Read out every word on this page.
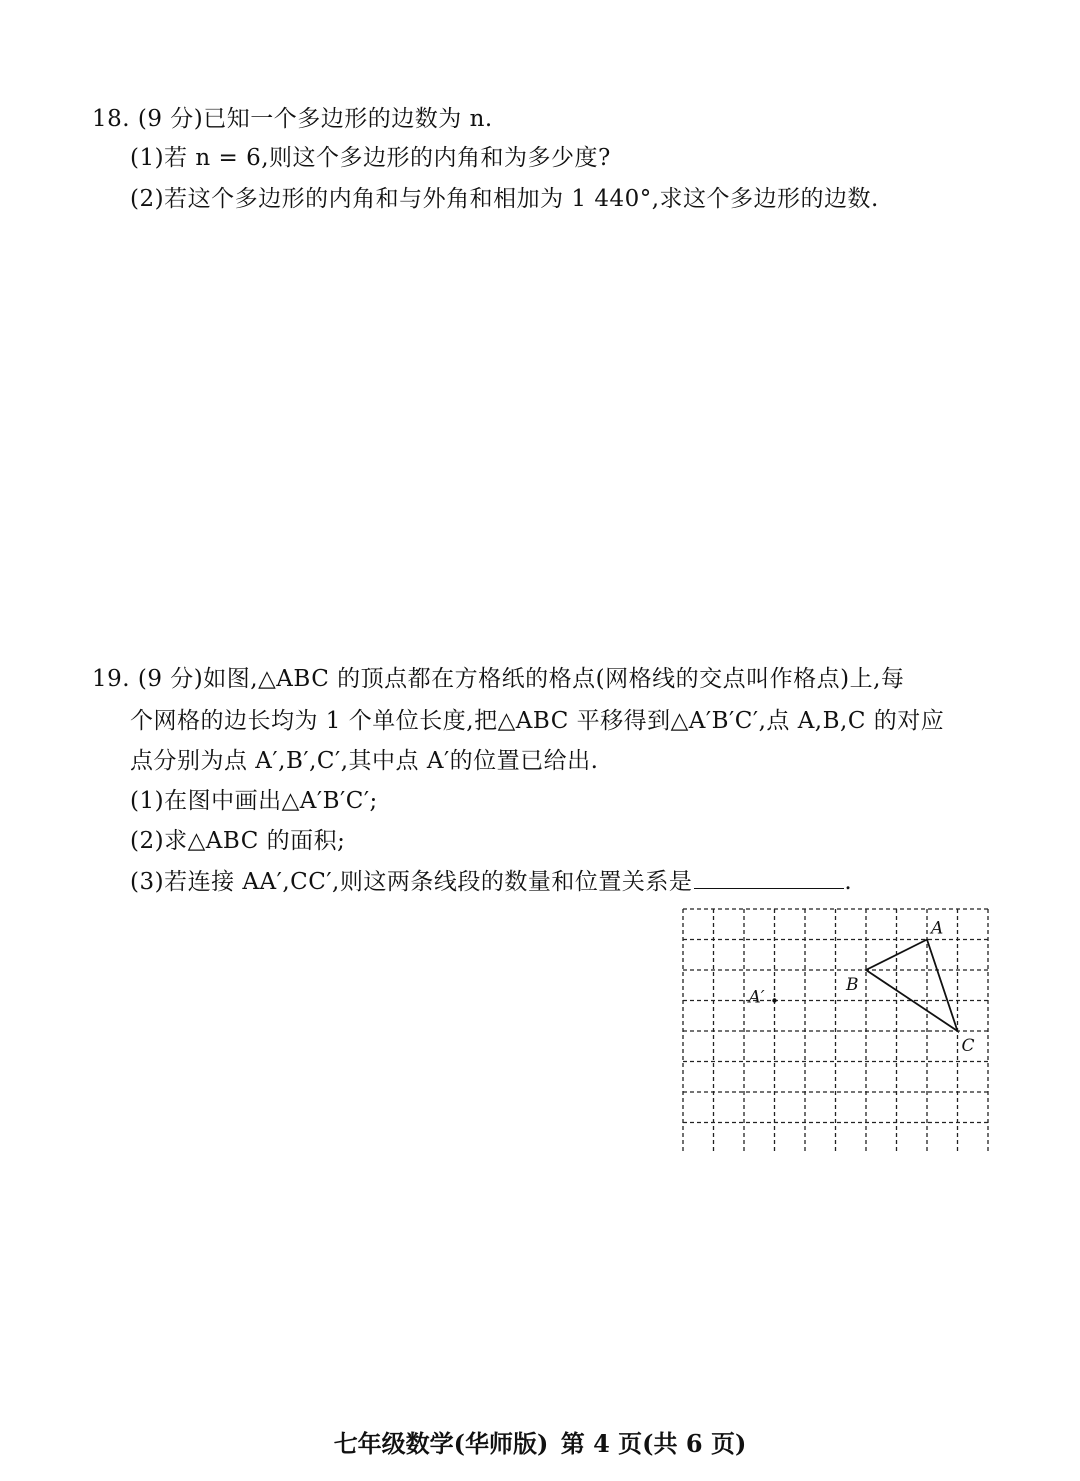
18. (9 分)已知一个多边形的边数为 n.
(1)若 n = 6,则这个多边形的内角和为多少度?
(2)若这个多边形的内角和与外角和相加为 1 440°,求这个多边形的边数.
19. (9 分)如图,△ABC 的顶点都在方格纸的格点(网格线的交点叫作格点)上,每
个网格的边长均为 1 个单位长度,把△ABC 平移得到△A′B′C′,点 A,B,C 的对应
点分别为点 A′,B′,C′,其中点 A′的位置已给出.
(1)在图中画出△A′B′C′;
(2)求△ABC 的面积;
(3)若连接 AA′,CC′,则这两条线段的数量和位置关系是	.
A
B
C
A′
七年级数学(华师版) 第 4 页(共 6 页)
